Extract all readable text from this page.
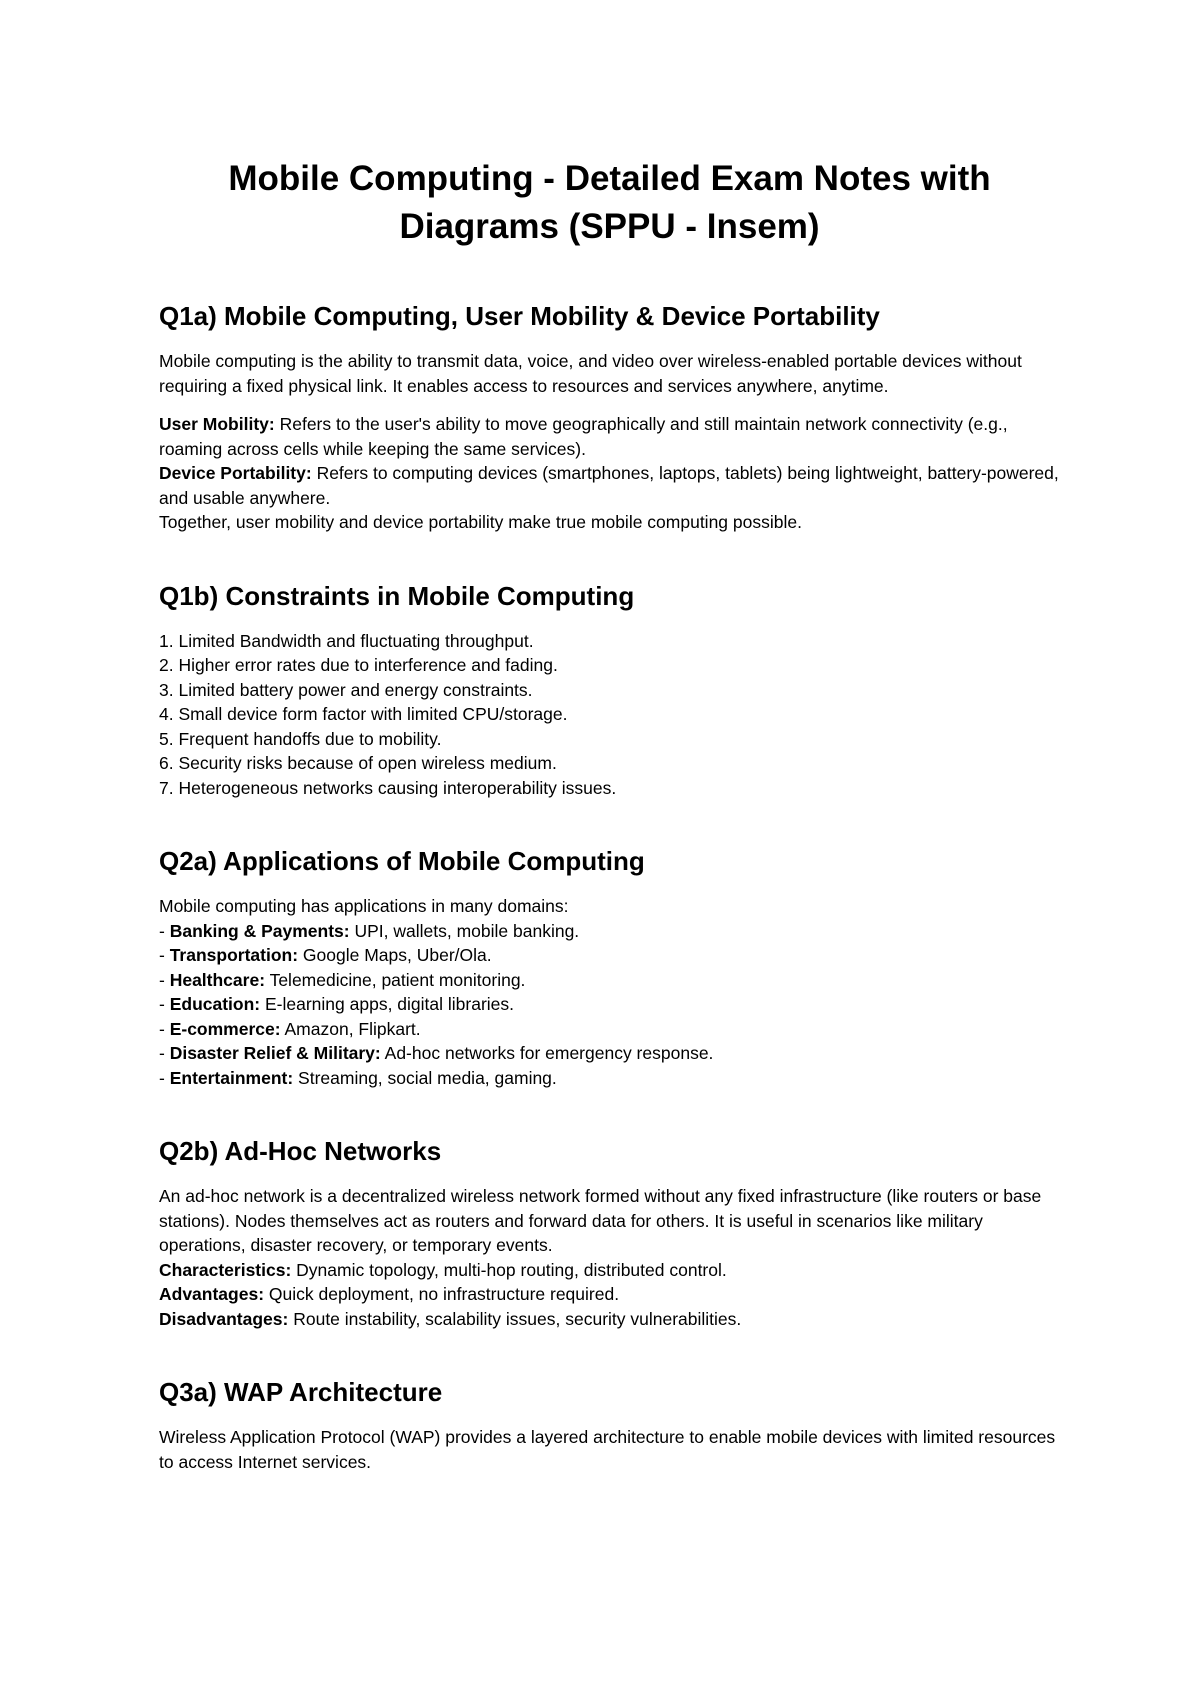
Mobile Computing - Detailed Exam Notes with
Diagrams (SPPU - Insem)
Q1a) Mobile Computing, User Mobility & Device Portability

Mobile computing is the ability to transmit data, voice, and video over wireless-enabled portable devices without requiring a fixed physical link. It enables access to resources and services anywhere, anytime.

User Mobility: Refers to the user's ability to move geographically and still maintain network connectivity (e.g., roaming across cells while keeping the same services).

Device Portability: Refers to computing devices (smartphones, laptops, tablets) being lightweight, battery-powered, and usable anywhere.

Together, user mobility and device portability make true mobile computing possible.

Q1b) Constraints in Mobile Computing

1. Limited Bandwidth and fluctuating throughput.

2. Higher error rates due to interference and fading.

3. Limited battery power and energy constraints.

4. Small device form factor with limited CPU/storage.

5. Frequent handoffs due to mobility.

6. Security risks because of open wireless medium.

7. Heterogeneous networks causing interoperability issues.

Q2a) Applications of Mobile Computing

Mobile computing has applications in many domains:

- Banking & Payments: UPI, wallets, mobile banking.

- Transportation: Google Maps, Uber/Ola.

- Healthcare: Telemedicine, patient monitoring.

- Education: E-learning apps, digital libraries.

- E-commerce: Amazon, Flipkart.

- Disaster Relief & Military: Ad-hoc networks for emergency response.

- Entertainment: Streaming, social media, gaming.

Q2b) Ad-Hoc Networks

An ad-hoc network is a decentralized wireless network formed without any fixed infrastructure (like routers or base stations). Nodes themselves act as routers and forward data for others. It is useful in scenarios like military operations, disaster recovery, or temporary events.

Characteristics: Dynamic topology, multi-hop routing, distributed control.

Advantages: Quick deployment, no infrastructure required.

Disadvantages: Route instability, scalability issues, security vulnerabilities.

Q3a) WAP Architecture

Wireless Application Protocol (WAP) provides a layered architecture to enable mobile devices with limited resources to access Internet services.
